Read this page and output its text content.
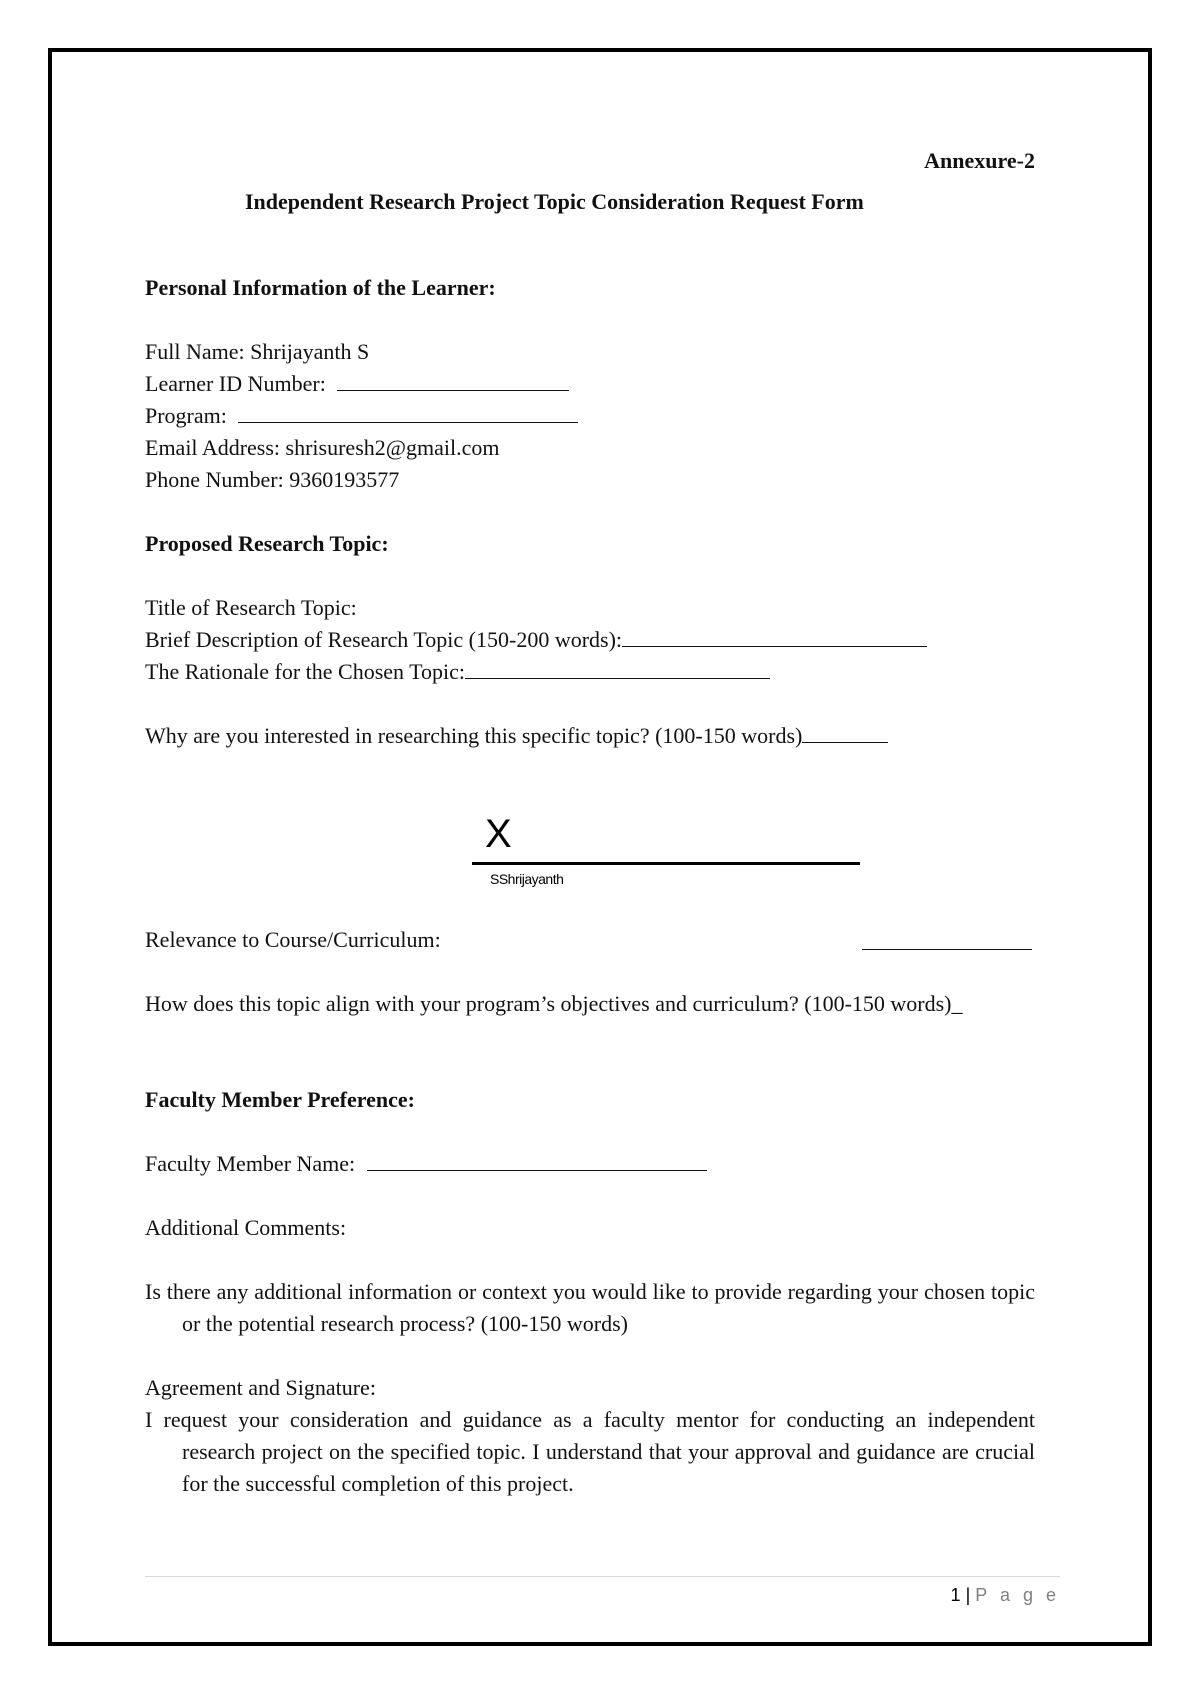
Annexure-2
Independent Research Project Topic Consideration Request Form
Personal Information of the Learner:
Full Name: Shrijayanth S
Learner ID Number:
Program:
Email Address: shrisuresh2@gmail.com
Phone Number: 9360193577
Proposed Research Topic:
Title of Research Topic:
Brief Description of Research Topic (150-200 words):
The Rationale for the Chosen Topic:
Why are you interested in researching this specific topic? (100-150 words)
X
SShrijayanth
Relevance to Course/Curriculum:
How does this topic align with your program’s objectives and curriculum? (100-150 words)_
Faculty Member Preference:
Faculty Member Name:
Additional Comments:
Is there any additional information or context you would like to provide regarding your chosen topic or the potential research process? (100-150 words)
Agreement and Signature:
I request your consideration and guidance as a faculty mentor for conducting an independent research project on the specified topic. I understand that your approval and guidance are crucial for the successful completion of this project.
1 | P a g e
